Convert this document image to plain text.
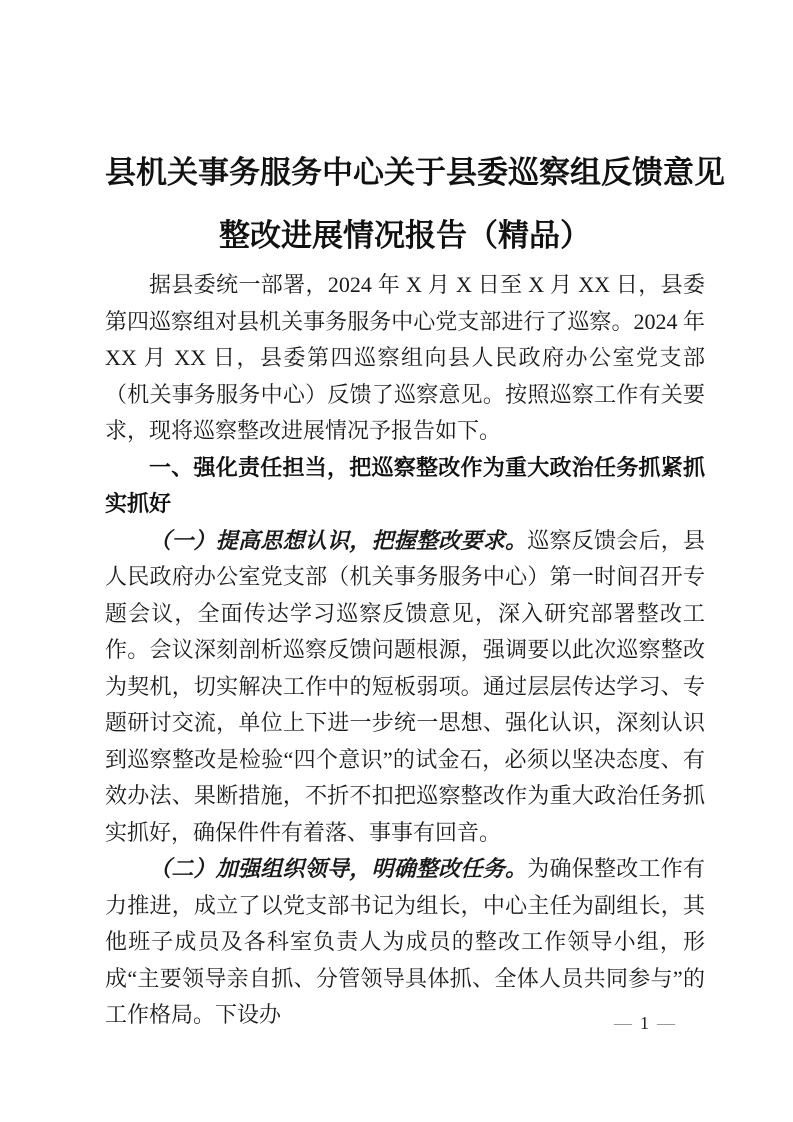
县机关事务服务中心关于县委巡察组反馈意见
整改进展情况报告（精品）

据县委统一部署，2024 年 X 月 X 日至 X 月 XX 日，县委第四巡察组对县机关事务服务中心党支部进行了巡察。2024 年 XX 月 XX 日，县委第四巡察组向县人民政府办公室党支部（机关事务服务中心）反馈了巡察意见。按照巡察工作有关要求，现将巡察整改进展情况予报告如下。

一、强化责任担当，把巡察整改作为重大政治任务抓紧抓实抓好

（一）提高思想认识，把握整改要求。巡察反馈会后，县人民政府办公室党支部（机关事务服务中心）第一时间召开专题会议，全面传达学习巡察反馈意见，深入研究部署整改工作。会议深刻剖析巡察反馈问题根源，强调要以此次巡察整改为契机，切实解决工作中的短板弱项。通过层层传达学习、专题研讨交流，单位上下进一步统一思想、强化认识，深刻认识到巡察整改是检验“四个意识”的试金石，必须以坚决态度、有效办法、果断措施，不折不扣把巡察整改作为重大政治任务抓实抓好，确保件件有着落、事事有回音。

（二）加强组织领导，明确整改任务。为确保整改工作有力推进，成立了以党支部书记为组长，中心主任为副组长，其他班子成员及各科室负责人为成员的整改工作领导小组，形成“主要领导亲自抓、分管领导具体抓、全体人员共同参与”的工作格局。下设办	— 1 —
